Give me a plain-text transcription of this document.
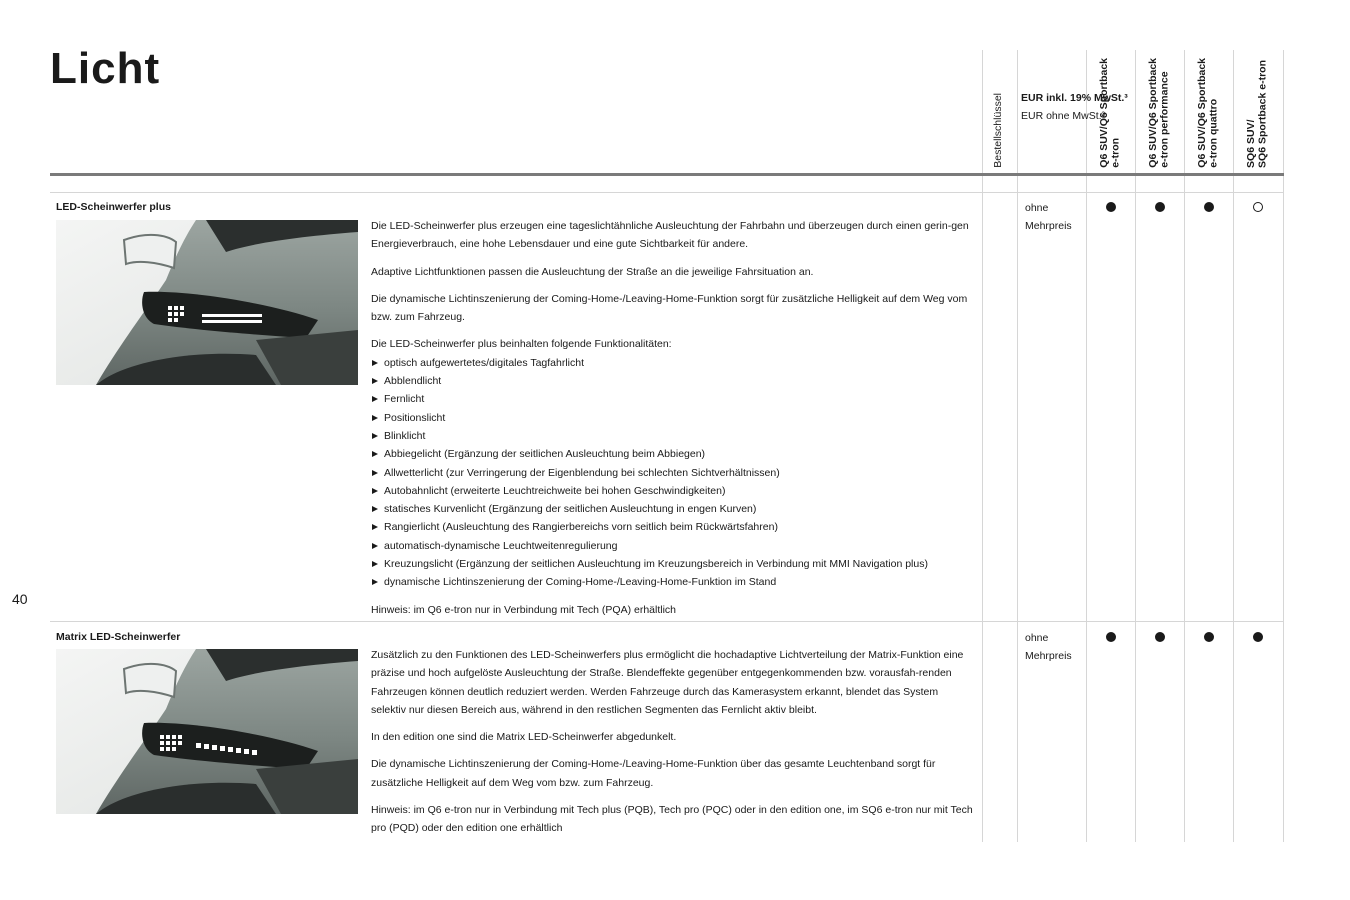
Licht
40
Bestellschlüssel EUR inkl. 19% MwSt.³
EUR ohne MwSt.³
Q6 SUV/Q6 Sportback
e-tron Q6 SUV/Q6 Sportback
e-tron performance
Q6 SUV/Q6 Sportback
e-tron quattro
SQ6 SUV/
SQ6 Sportback e-tron
LED-Scheinwerfer plus

Die LED-Scheinwerfer plus erzeugen eine tageslichtähnliche Ausleuchtung der Fahrbahn und überzeugen durch einen gerin-gen Energieverbrauch, eine hohe Lebensdauer und eine gute Sichtbarkeit für andere.

Adaptive Lichtfunktionen passen die Ausleuchtung der Straße an die jeweilige Fahrsituation an.

Die dynamische Lichtinszenierung der Coming-Home-/Leaving-Home-Funktion sorgt für zusätzliche Helligkeit auf dem Weg vom bzw. zum Fahrzeug.

Die LED-Scheinwerfer plus beinhalten folgende Funktionalitäten:

optisch aufgewertetes/digitales Tagfahrlicht
Abblendlicht
Fernlicht
Positionslicht
Blinklicht
Abbiegelicht (Ergänzung der seitlichen Ausleuchtung beim Abbiegen)
Allwetterlicht (zur Verringerung der Eigenblendung bei schlechten Sichtverhältnissen)
Autobahnlicht (erweiterte Leuchtreichweite bei hohen Geschwindigkeiten)
statisches Kurvenlicht (Ergänzung der seitlichen Ausleuchtung in engen Kurven)
Rangierlicht (Ausleuchtung des Rangierbereichs vorn seitlich beim Rückwärtsfahren)
automatisch-dynamische Leuchtweitenregulierung
Kreuzungslicht (Ergänzung der seitlichen Ausleuchtung im Kreuzungsbereich in Verbindung mit MMI Navigation plus)
dynamische Lichtinszenierung der Coming-Home-/Leaving-Home-Funktion im Stand

Hinweis: im Q6 e-tron nur in Verbindung mit Tech (PQA) erhältlich

ohne Mehrpreis
Matrix LED-Scheinwerfer

Zusätzlich zu den Funktionen des LED-Scheinwerfers plus ermöglicht die hochadaptive Lichtverteilung der Matrix-Funktion eine präzise und hoch aufgelöste Ausleuchtung der Straße. Blendeffekte gegenüber entgegenkommenden bzw. vorausfah-renden Fahrzeugen können deutlich reduziert werden. Werden Fahrzeuge durch das Kamerasystem erkannt, blendet das System selektiv nur diesen Bereich aus, während in den restlichen Segmenten das Fernlicht aktiv bleibt.

In den edition one sind die Matrix LED-Scheinwerfer abgedunkelt.

Die dynamische Lichtinszenierung der Coming-Home-/Leaving-Home-Funktion über das gesamte Leuchtenband sorgt für zusätzliche Helligkeit auf dem Weg vom bzw. zum Fahrzeug.

Hinweis: im Q6 e-tron nur in Verbindung mit Tech plus (PQB), Tech pro (PQC) oder in den edition one, im SQ6 e-tron nur mit Tech pro (PQD) oder den edition one erhältlich

ohne Mehrpreis
